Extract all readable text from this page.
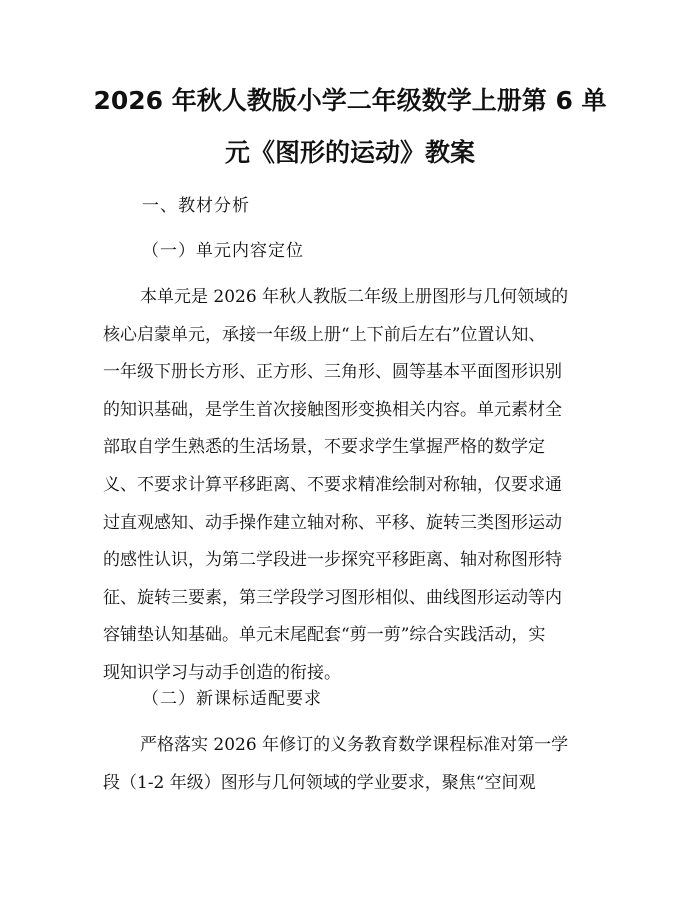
2026 年秋人教版小学二年级数学上册第 6 单
元《图形的运动》教案
一、教材分析
（一）单元内容定位
本单元是 2026 年秋人教版二年级上册图形与几何领域的
核心启蒙单元，承接一年级上册“上下前后左右”位置认知、
一年级下册长方形、正方形、三角形、圆等基本平面图形识别
的知识基础，是学生首次接触图形变换相关内容。单元素材全
部取自学生熟悉的生活场景，不要求学生掌握严格的数学定
义、不要求计算平移距离、不要求精准绘制对称轴，仅要求通
过直观感知、动手操作建立轴对称、平移、旋转三类图形运动
的感性认识，为第二学段进一步探究平移距离、轴对称图形特
征、旋转三要素，第三学段学习图形相似、曲线图形运动等内
容铺垫认知基础。单元末尾配套“剪一剪”综合实践活动，实
现知识学习与动手创造的衔接。
（二）新课标适配要求
严格落实 2026 年修订的义务教育数学课程标准对第一学
段（1-2 年级）图形与几何领域的学业要求，聚焦“空间观
